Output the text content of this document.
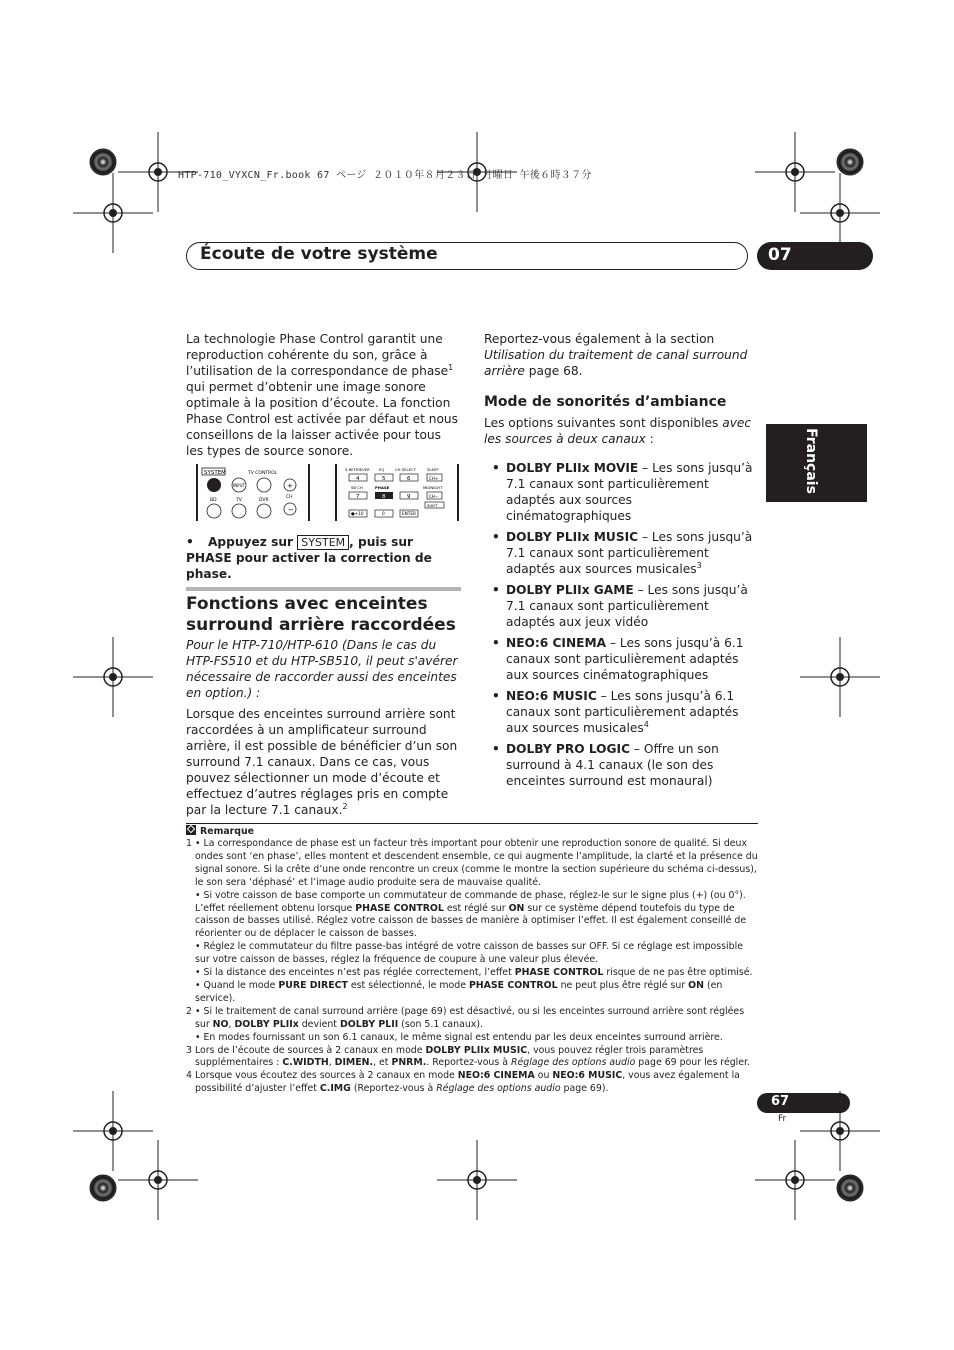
HTP-710_VYXCN_Fr.book 67 ページ ２０１０年８月２３日 月曜日 午後６時３７分
Écoute de votre système	07
Français

La technologie Phase Control garantit une reproduction cohérente du son, grâce à l’utilisation de la correspondance de phase$^1$ qui permet d’obtenir une image sonore optimale à la position d’écoute. La fonction Phase Control est activée par défaut et nous conseillons de la laisser activée pour tous les types de source sonore.

SYSTEM	TV CONTROL
INPUT	+
CH
BD	TV	DVR
−
S.RETRIEVER EQ	CH SELECT	SLEEP
4	5	6	CH+
SB CH	PHASE	MIDNIGHT
7	8	9	CH−
SHIFT
●+10	0	ENTER
• Appuyez sur SYSTEM , puis sur PHASE pour activer la correction de phase.
Fonctions avec enceintes surround arrière raccordées
Pour le HTP-710/HTP-610 (Dans le cas du HTP-FS510 et du HTP-SB510, il peut s'avérer nécessaire de raccorder aussi des enceintes en option.) :
Lorsque des enceintes surround arrière sont raccordées à un amplificateur surround arrière, il est possible de bénéficier d’un son surround 7.1 canaux. Dans ce cas, vous pouvez sélectionner un mode d’écoute et effectuez d’autres réglages pris en compte par la lecture 7.1 canaux.$^2$

Reportez-vous également à la section Utilisation du traitement de canal surround arrière page 68.

Mode de sonorités d’ambiance

Les options suivantes sont disponibles avec les sources à deux canaux :

• DOLBY PLIIx MOVIE – Les sons jusqu’à 7.1 canaux sont particulièrement adaptés aux sources cinématographiques
• DOLBY PLIIx MUSIC – Les sons jusqu’à 7.1 canaux sont particulièrement adaptés aux sources musicales$^3$
• DOLBY PLIIx GAME – Les sons jusqu’à 7.1 canaux sont particulièrement adaptés aux jeux vidéo
• NEO:6 CINEMA – Les sons jusqu’à 6.1 canaux sont particulièrement adaptés aux sources cinématographiques
• NEO:6 MUSIC – Les sons jusqu’à 6.1 canaux sont particulièrement adaptés aux sources musicales$^4$
• DOLBY PRO LOGIC – Offre un son surround à 4.1 canaux (le son des enceintes surround est monaural)
Remarque
1 • La correspondance de phase est un facteur très important pour obtenir une reproduction sonore de qualité. Si deux ondes sont ‘en phase’, elles montent et descendent ensemble, ce qui augmente l’amplitude, la clarté et la présence du signal sonore. Si la crête d’une onde rencontre un creux (comme le montre la section supérieure du schéma ci-dessus), le son sera ‘déphasé’ et l’image audio produite sera de mauvaise qualité.
• Si votre caisson de base comporte un commutateur de commande de phase, réglez-le sur le signe plus (+) (ou 0°). L’effet réellement obtenu lorsque PHASE CONTROL est réglé sur ON sur ce système dépend toutefois du type de caisson de basses utilisé. Réglez votre caisson de basses de manière à optimiser l’effet. Il est également conseillé de réorienter ou de déplacer le caisson de basses.
• Réglez le commutateur du filtre passe-bas intégré de votre caisson de basses sur OFF. Si ce réglage est impossible sur votre caisson de basses, réglez la fréquence de coupure à une valeur plus élevée.
• Si la distance des enceintes n’est pas réglée correctement, l’effet PHASE CONTROL risque de ne pas être optimisé.
• Quand le mode PURE DIRECT est sélectionné, le mode PHASE CONTROL ne peut plus être réglé sur ON (en service).
2 • Si le traitement de canal surround arrière (page 69) est désactivé, ou si les enceintes surround arrière sont réglées sur NO, DOLBY PLIIx devient DOLBY PLII (son 5.1 canaux).
• En modes fournissant un son 6.1 canaux, le même signal est entendu par les deux enceintes surround arrière.
3 Lors de l’écoute de sources à 2 canaux en mode DOLBY PLIIx MUSIC, vous pouvez régler trois paramètres supplémentaires : C.WIDTH, DIMEN., et PNRM.. Reportez-vous à Réglage des options audio page 69 pour les régler.
4 Lorsque vous écoutez des sources à 2 canaux en mode NEO:6 CINEMA ou NEO:6 MUSIC, vous avez également la possibilité d’ajuster l’effet C.IMG (Reportez-vous à Réglage des options audio page 69).
67
Fr
